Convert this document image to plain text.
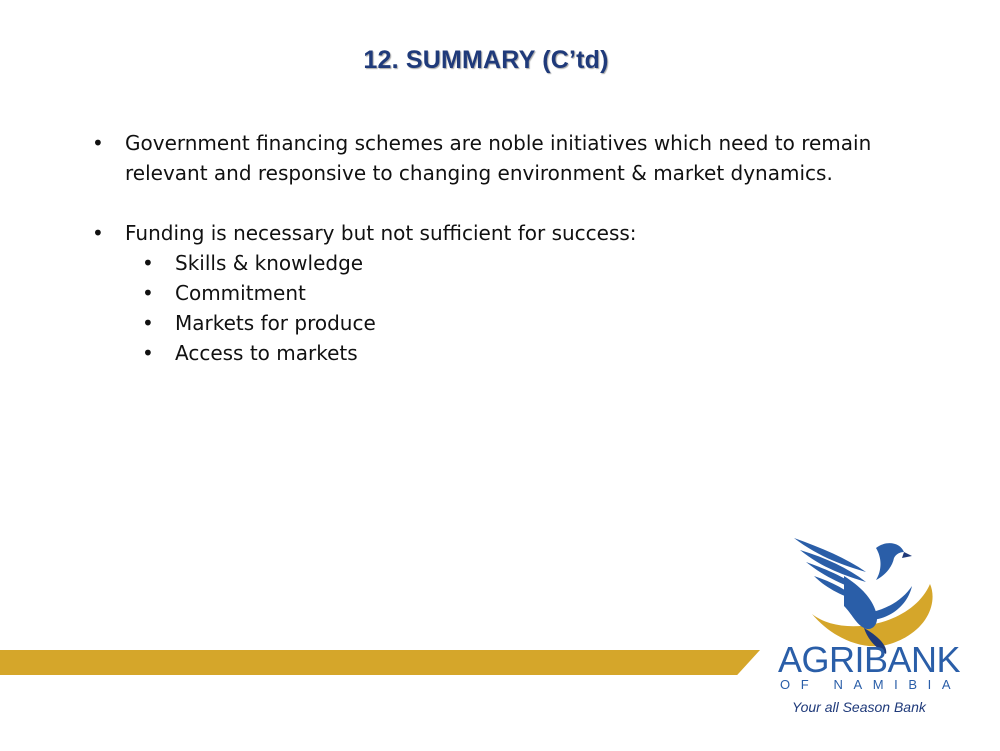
12. SUMMARY (C’td)
•	Government financing schemes are noble initiatives which need to remain relevant and responsive to changing environment & market dynamics.
•	Funding is necessary but not sufficient for success:
•	Skills & knowledge
•	Commitment
•	Markets for produce
•	Access to markets
AGRIBANK
OF NAMIBIA
Your all Season Bank
